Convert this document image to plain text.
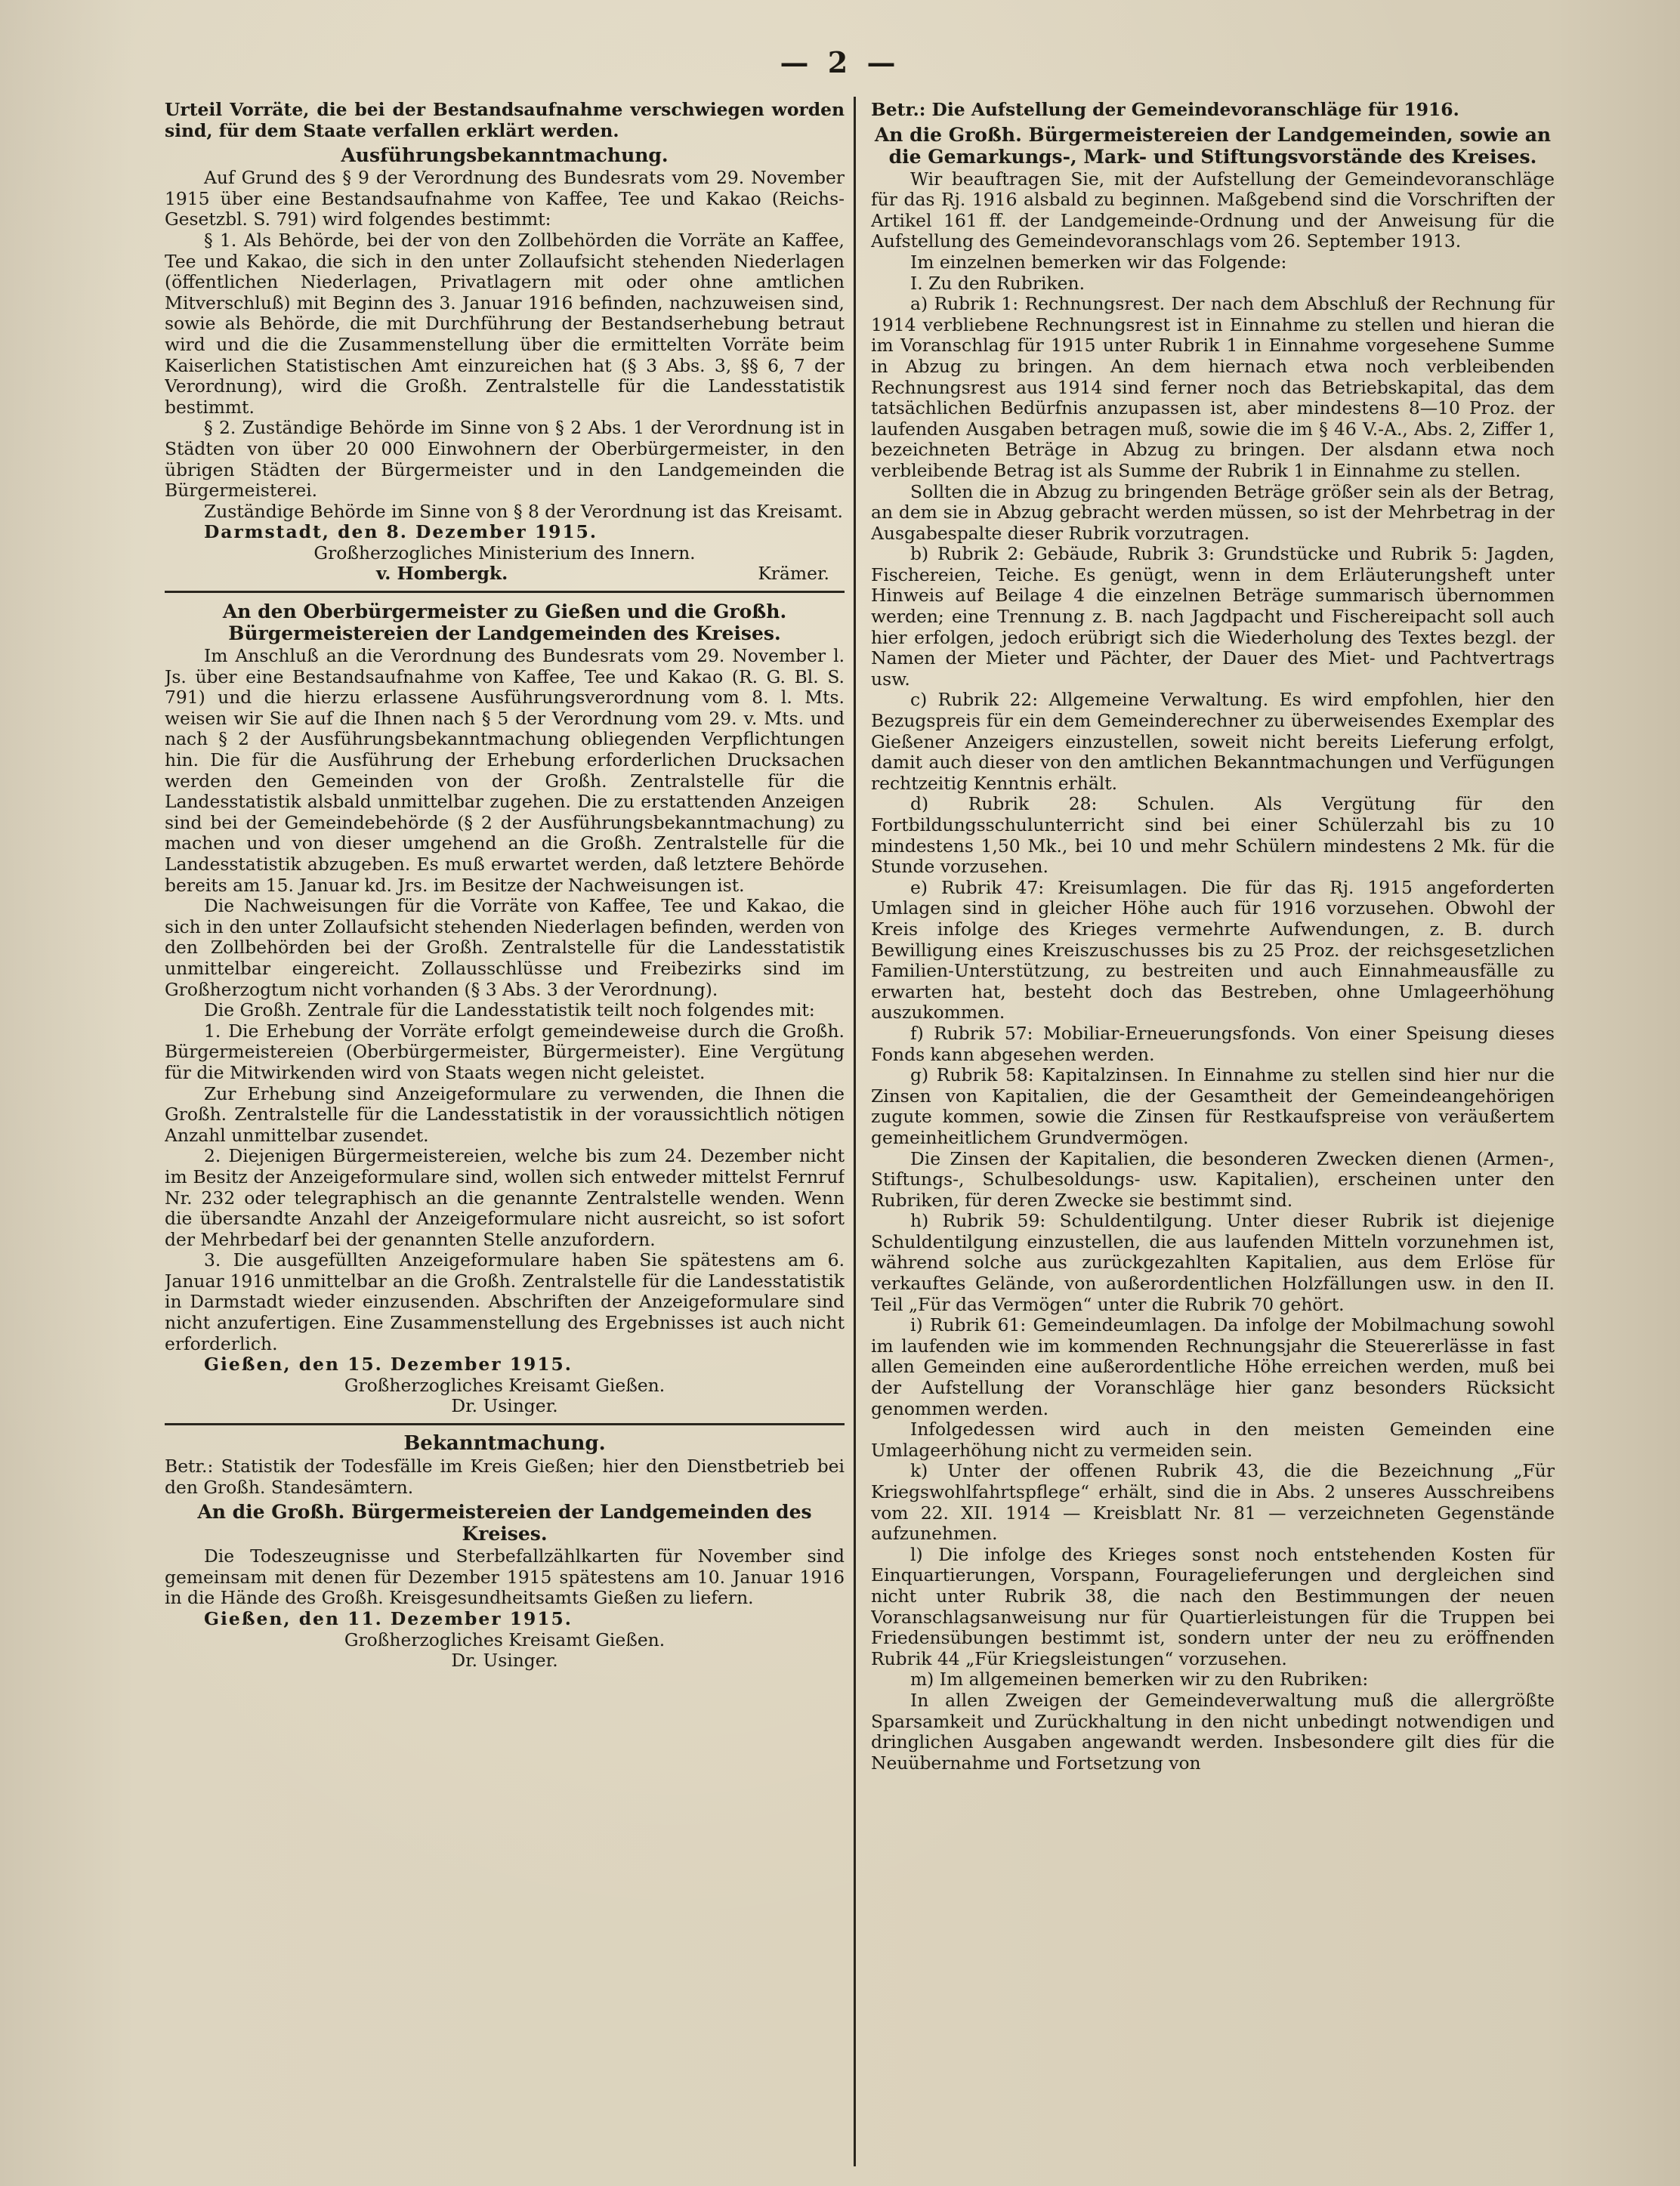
— 2 —

Urteil Vorräte, die bei der Bestandsaufnahme verschwiegen worden sind, für dem Staate verfallen erklärt werden.

Ausführungsbekanntmachung.

Auf Grund des § 9 der Verordnung des Bundesrats vom 29. November 1915 über eine Bestandsaufnahme von Kaffee, Tee und Kakao (Reichs-Gesetzbl. S. 791) wird folgendes bestimmt:

§ 1. Als Behörde, bei der von den Zollbehörden die Vorräte an Kaffee, Tee und Kakao, die sich in den unter Zollaufsicht stehenden Niederlagen (öffentlichen Niederlagen, Privatlagern mit oder ohne amtlichen Mitverschluß) mit Beginn des 3. Januar 1916 befinden, nachzuweisen sind, sowie als Behörde, die mit Durchführung der Bestandserhebung betraut wird und die die Zusammenstellung über die ermittelten Vorräte beim Kaiserlichen Statistischen Amt einzureichen hat (§ 3 Abs. 3, §§ 6, 7 der Verordnung), wird die Großh. Zentralstelle für die Landesstatistik bestimmt.

§ 2. Zuständige Behörde im Sinne von § 2 Abs. 1 der Verordnung ist in Städten von über 20 000 Einwohnern der Oberbürgermeister, in den übrigen Städten der Bürgermeister und in den Landgemeinden die Bürgermeisterei.

Zuständige Behörde im Sinne von § 8 der Verordnung ist das Kreisamt.

Darmstadt, den 8. Dezember 1915.

Großherzogliches Ministerium des Innern.

v. Hombergk.	Krämer.
An den Oberbürgermeister zu Gießen und die Großh. Bürgermeistereien der Landgemeinden des Kreises.

Im Anschluß an die Verordnung des Bundesrats vom 29. November l. Js. über eine Bestandsaufnahme von Kaffee, Tee und Kakao (R. G. Bl. S. 791) und die hierzu erlassene Ausführungsverordnung vom 8. l. Mts. weisen wir Sie auf die Ihnen nach § 5 der Verordnung vom 29. v. Mts. und nach § 2 der Ausführungsbekanntmachung obliegenden Verpflichtungen hin. Die für die Ausführung der Erhebung erforderlichen Drucksachen werden den Gemeinden von der Großh. Zentralstelle für die Landesstatistik alsbald unmittelbar zugehen. Die zu erstattenden Anzeigen sind bei der Gemeindebehörde (§ 2 der Ausführungsbekanntmachung) zu machen und von dieser umgehend an die Großh. Zentralstelle für die Landesstatistik abzugeben. Es muß erwartet werden, daß letztere Behörde bereits am 15. Januar kd. Jrs. im Besitze der Nachweisungen ist.

Die Nachweisungen für die Vorräte von Kaffee, Tee und Kakao, die sich in den unter Zollaufsicht stehenden Niederlagen befinden, werden von den Zollbehörden bei der Großh. Zentralstelle für die Landesstatistik unmittelbar eingereicht. Zollausschlüsse und Freibezirks sind im Großherzogtum nicht vorhanden (§ 3 Abs. 3 der Verordnung).

Die Großh. Zentrale für die Landesstatistik teilt noch folgendes mit:

1. Die Erhebung der Vorräte erfolgt gemeindeweise durch die Großh. Bürgermeistereien (Oberbürgermeister, Bürgermeister). Eine Vergütung für die Mitwirkenden wird von Staats wegen nicht geleistet.

Zur Erhebung sind Anzeigeformulare zu verwenden, die Ihnen die Großh. Zentralstelle für die Landesstatistik in der voraussichtlich nötigen Anzahl unmittelbar zusendet.

2. Diejenigen Bürgermeistereien, welche bis zum 24. Dezember nicht im Besitz der Anzeigeformulare sind, wollen sich entweder mittelst Fernruf Nr. 232 oder telegraphisch an die genannte Zentralstelle wenden. Wenn die übersandte Anzahl der Anzeigeformulare nicht ausreicht, so ist sofort der Mehrbedarf bei der genannten Stelle anzufordern.

3. Die ausgefüllten Anzeigeformulare haben Sie spätestens am 6. Januar 1916 unmittelbar an die Großh. Zentralstelle für die Landesstatistik in Darmstadt wieder einzusenden. Abschriften der Anzeigeformulare sind nicht anzufertigen. Eine Zusammenstellung des Ergebnisses ist auch nicht erforderlich.

Gießen, den 15. Dezember 1915.

Großherzogliches Kreisamt Gießen.

Dr. Usinger.

Bekanntmachung.

Betr.: Statistik der Todesfälle im Kreis Gießen; hier den Dienstbetrieb bei den Großh. Standesämtern.

An die Großh. Bürgermeistereien der Landgemeinden des Kreises.

Die Todeszeugnisse und Sterbefallzählkarten für November sind gemeinsam mit denen für Dezember 1915 spätestens am 10. Januar 1916 in die Hände des Großh. Kreisgesundheitsamts Gießen zu liefern.

Gießen, den 11. Dezember 1915.

Großherzogliches Kreisamt Gießen.

Dr. Usinger.

Betr.: Die Aufstellung der Gemeindevoranschläge für 1916.

An die Großh. Bürgermeistereien der Landgemeinden, sowie an die Gemarkungs-, Mark- und Stiftungsvorstände des Kreises.

Wir beauftragen Sie, mit der Aufstellung der Gemeindevoranschläge für das Rj. 1916 alsbald zu beginnen. Maßgebend sind die Vorschriften der Artikel 161 ff. der Landgemeinde-Ordnung und der Anweisung für die Aufstellung des Gemeindevoranschlags vom 26. September 1913.

Im einzelnen bemerken wir das Folgende:

I. Zu den Rubriken.

a) Rubrik 1: Rechnungsrest. Der nach dem Abschluß der Rechnung für 1914 verbliebene Rechnungsrest ist in Einnahme zu stellen und hieran die im Voranschlag für 1915 unter Rubrik 1 in Einnahme vorgesehene Summe in Abzug zu bringen. An dem hiernach etwa noch verbleibenden Rechnungsrest aus 1914 sind ferner noch das Betriebskapital, das dem tatsächlichen Bedürfnis anzupassen ist, aber mindestens 8—10 Proz. der laufenden Ausgaben betragen muß, sowie die im § 46 V.-A., Abs. 2, Ziffer 1, bezeichneten Beträge in Abzug zu bringen. Der alsdann etwa noch verbleibende Betrag ist als Summe der Rubrik 1 in Einnahme zu stellen.

Sollten die in Abzug zu bringenden Beträge größer sein als der Betrag, an dem sie in Abzug gebracht werden müssen, so ist der Mehrbetrag in der Ausgabespalte dieser Rubrik vorzutragen.

b) Rubrik 2: Gebäude, Rubrik 3: Grundstücke und Rubrik 5: Jagden, Fischereien, Teiche. Es genügt, wenn in dem Erläuterungsheft unter Hinweis auf Beilage 4 die einzelnen Beträge summarisch übernommen werden; eine Trennung z. B. nach Jagdpacht und Fischereipacht soll auch hier erfolgen, jedoch erübrigt sich die Wiederholung des Textes bezgl. der Namen der Mieter und Pächter, der Dauer des Miet- und Pachtvertrags usw.

c) Rubrik 22: Allgemeine Verwaltung. Es wird empfohlen, hier den Bezugspreis für ein dem Gemeinderechner zu überweisendes Exemplar des Gießener Anzeigers einzustellen, soweit nicht bereits Lieferung erfolgt, damit auch dieser von den amtlichen Bekanntmachungen und Verfügungen rechtzeitig Kenntnis erhält.

d) Rubrik 28: Schulen. Als Vergütung für den Fortbildungsschulunterricht sind bei einer Schülerzahl bis zu 10 mindestens 1,50 Mk., bei 10 und mehr Schülern mindestens 2 Mk. für die Stunde vorzusehen.

e) Rubrik 47: Kreisumlagen. Die für das Rj. 1915 angeforderten Umlagen sind in gleicher Höhe auch für 1916 vorzusehen. Obwohl der Kreis infolge des Krieges vermehrte Aufwendungen, z. B. durch Bewilligung eines Kreiszuschusses bis zu 25 Proz. der reichsgesetzlichen Familien-Unterstützung, zu bestreiten und auch Einnahmeausfälle zu erwarten hat, besteht doch das Bestreben, ohne Umlageerhöhung auszukommen.

f) Rubrik 57: Mobiliar-Erneuerungsfonds. Von einer Speisung dieses Fonds kann abgesehen werden.

g) Rubrik 58: Kapitalzinsen. In Einnahme zu stellen sind hier nur die Zinsen von Kapitalien, die der Gesamtheit der Gemeindeangehörigen zugute kommen, sowie die Zinsen für Restkaufspreise von veräußertem gemeinheitlichem Grundvermögen.

Die Zinsen der Kapitalien, die besonderen Zwecken dienen (Armen-, Stiftungs-, Schulbesoldungs- usw. Kapitalien), erscheinen unter den Rubriken, für deren Zwecke sie bestimmt sind.

h) Rubrik 59: Schuldentilgung. Unter dieser Rubrik ist diejenige Schuldentilgung einzustellen, die aus laufenden Mitteln vorzunehmen ist, während solche aus zurückgezahlten Kapitalien, aus dem Erlöse für verkauftes Gelände, von außerordentlichen Holzfällungen usw. in den II. Teil „Für das Vermögen“ unter die Rubrik 70 gehört.

i) Rubrik 61: Gemeindeumlagen. Da infolge der Mobilmachung sowohl im laufenden wie im kommenden Rechnungsjahr die Steuererlässe in fast allen Gemeinden eine außerordentliche Höhe erreichen werden, muß bei der Aufstellung der Voranschläge hier ganz besonders Rücksicht genommen werden.

Infolgedessen wird auch in den meisten Gemeinden eine Umlageerhöhung nicht zu vermeiden sein.

k) Unter der offenen Rubrik 43, die die Bezeichnung „Für Kriegswohlfahrtspflege“ erhält, sind die in Abs. 2 unseres Ausschreibens vom 22. XII. 1914 — Kreisblatt Nr. 81 — verzeichneten Gegenstände aufzunehmen.

l) Die infolge des Krieges sonst noch entstehenden Kosten für Einquartierungen, Vorspann, Fouragelieferungen und dergleichen sind nicht unter Rubrik 38, die nach den Bestimmungen der neuen Voranschlagsanweisung nur für Quartierleistungen für die Truppen bei Friedensübungen bestimmt ist, sondern unter der neu zu eröffnenden Rubrik 44 „Für Kriegsleistungen“ vorzusehen.

m) Im allgemeinen bemerken wir zu den Rubriken:

In allen Zweigen der Gemeindeverwaltung muß die allergrößte Sparsamkeit und Zurückhaltung in den nicht unbedingt notwendigen und dringlichen Ausgaben angewandt werden. Insbesondere gilt dies für die Neuübernahme und Fortsetzung von
